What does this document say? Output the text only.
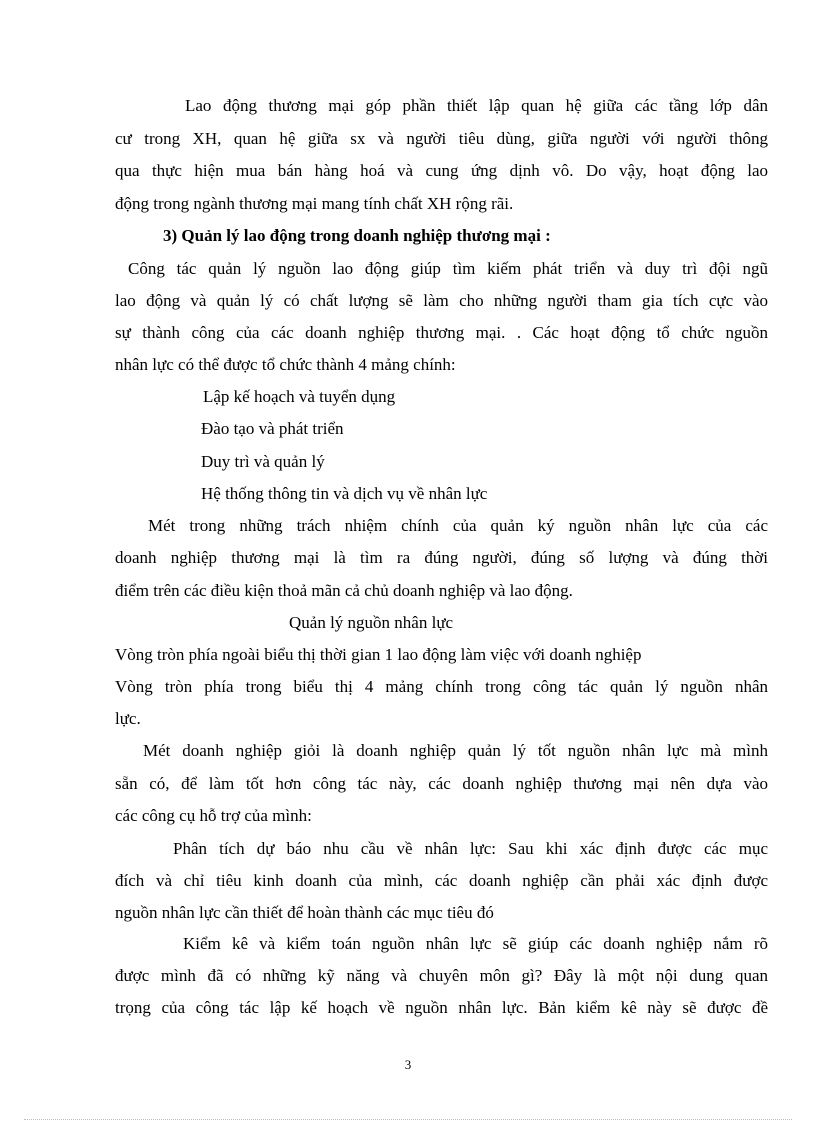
Lao động thương mại góp phần thiết lập quan hệ giữa các tầng lớp dân
cư trong XH, quan hệ giữa sx và người tiêu dùng, giữa người với người thông
qua thực hiện mua bán hàng hoá và cung ứng dịnh vô. Do vậy, hoạt động lao
động trong ngành thương mại mang tính chất XH rộng rãi.
3) Quản lý lao động trong doanh nghiệp thương mại :
Công tác quản lý nguồn lao động giúp tìm kiếm phát triển và duy trì đội ngũ
lao động và quản lý có chất lượng sẽ làm cho những người tham gia tích cực vào
sự thành công của các doanh nghiệp thương mại. . Các hoạt động tổ chức nguồn
nhân lực có thể được tổ chức thành 4 mảng chính:
Lập kế hoạch và tuyển dụng
Đào tạo và phát triển
Duy trì và quản lý
Hệ thống thông tin và dịch vụ về nhân lực
Mét trong những trách nhiệm chính của quản ký nguồn nhân lực của các
doanh nghiệp thương mại là tìm ra đúng người, đúng số lượng và đúng thời
điểm trên các điều kiện thoả mãn cả chủ doanh nghiệp và lao động.
Quản lý nguồn nhân lực
Vòng tròn phía ngoài biểu thị thời gian 1 lao động làm việc với doanh nghiệp
Vòng tròn phía trong biểu thị 4 mảng chính trong công tác quản lý nguồn nhân
lực.
Mét doanh nghiệp giỏi là doanh nghiệp quản lý tốt nguồn nhân lực mà mình
sẵn có, để làm tốt hơn công tác này, các doanh nghiệp thương mại nên dựa vào
các công cụ hỗ trợ của mình:
Phân tích dự báo nhu cầu về nhân lực: Sau khi xác định được các mục
đích và chỉ tiêu kinh doanh của mình, các doanh nghiệp cần phải xác định được
nguồn nhân lực cần thiết để hoàn thành các mục tiêu đó
Kiểm kê và kiểm toán nguồn nhân lực sẽ giúp các doanh nghiệp nắm rõ
được mình đã có những kỹ năng và chuyên môn gì? Đây là một nội dung quan
trọng của công tác lập kế hoạch về nguồn nhân lực. Bản kiểm kê này sẽ được đề
3
